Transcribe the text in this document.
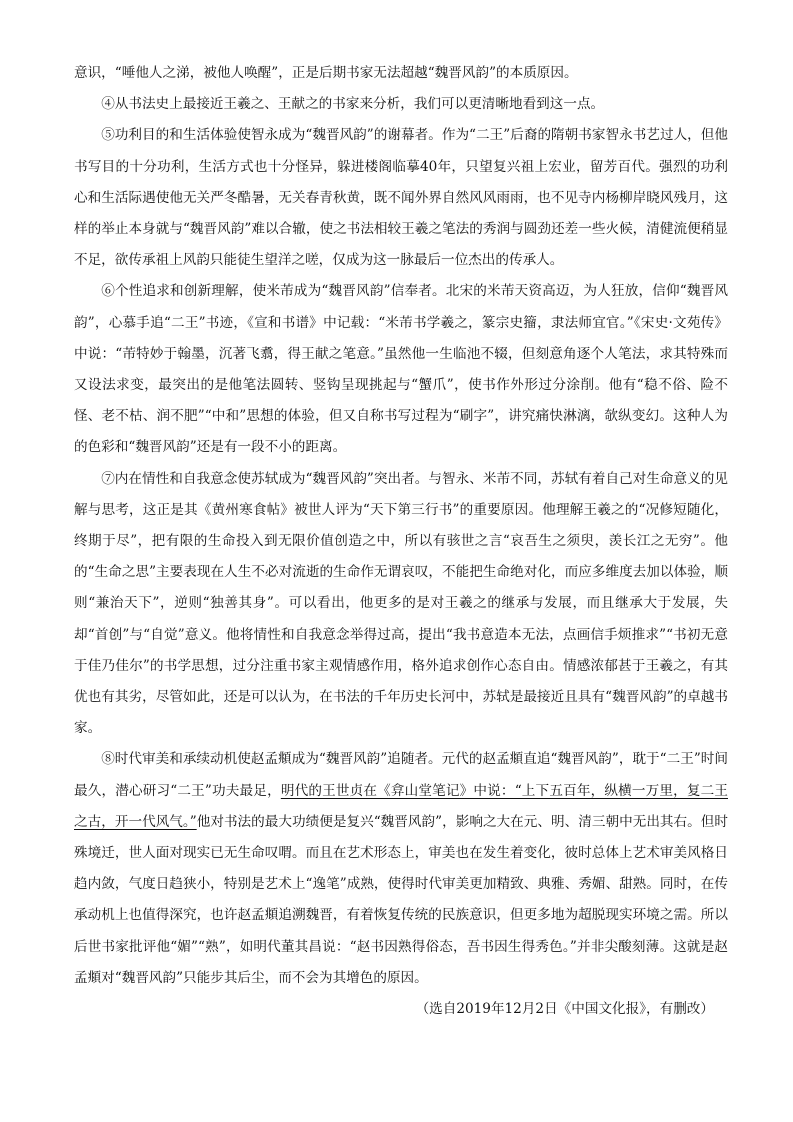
意识，“唾他人之涕，被他人唤醒”，正是后期书家无法超越“魏晋风韵”的本质原因。

④从书法史上最接近王羲之、王献之的书家来分析，我们可以更清晰地看到这一点。

⑤功利目的和生活体验使智永成为“魏晋风韵”的谢幕者。作为“二王”后裔的隋朝书家智永书艺过人，但他书写目的十分功利，生活方式也十分怪异，躲进楼阁临摹40年，只望复兴祖上宏业，留芳百代。强烈的功利心和生活际遇使他无关严冬酷暑，无关春青秋黄，既不闻外界自然风风雨雨，也不见寺内杨柳岸晓风残月，这样的举止本身就与“魏晋风韵”难以合辙，使之书法相较王羲之笔法的秀润与圆劲还差一些火候，清健流便稍显不足，欲传承祖上风韵只能徒生望洋之嗟，仅成为这一脉最后一位杰出的传承人。

⑥个性追求和创新理解，使米芾成为“魏晋风韵”信奉者。北宋的米芾天资高迈，为人狂放，信仰“魏晋风韵”，心慕手追“二王”书迹，《宣和书谱》中记载：“米芾书学羲之，篆宗史籀，隶法师宜官。”《宋史·文苑传》中说：“芾特妙于翰墨，沉著飞翥，得王献之笔意。”虽然他一生临池不辍，但刻意角逐个人笔法，求其特殊而又设法求变，最突出的是他笔法圆转、竖钩呈现挑起与“蟹爪”，使书作外形过分涂削。他有“稳不俗、险不怪、老不枯、润不肥”“中和”思想的体验，但又自称书写过程为“刷字”，讲究痛快淋漓，欹纵变幻。这种人为的色彩和“魏晋风韵”还是有一段不小的距离。

⑦内在情性和自我意念使苏轼成为“魏晋风韵”突出者。与智永、米芾不同，苏轼有着自己对生命意义的见解与思考，这正是其《黄州寒食帖》被世人评为“天下第三行书”的重要原因。他理解王羲之的“况修短随化，终期于尽”，把有限的生命投入到无限价值创造之中，所以有骇世之言“哀吾生之须臾，羡长江之无穷”。他的“生命之思”主要表现在人生不必对流逝的生命作无谓哀叹，不能把生命绝对化，而应多维度去加以体验，顺则“兼治天下”，逆则“独善其身”。可以看出，他更多的是对王羲之的继承与发展，而且继承大于发展，失却“首创”与“自觉”意义。他将情性和自我意念举得过高，提出“我书意造本无法，点画信手烦推求”“书初无意于佳乃佳尔”的书学思想，过分注重书家主观情感作用，格外追求创作心态自由。情感浓郁甚于王羲之，有其优也有其劣，尽管如此，还是可以认为，在书法的千年历史长河中，苏轼是最接近且具有“魏晋风韵”的卓越书家。

⑧时代审美和承续动机使赵孟頫成为“魏晋风韵”追随者。元代的赵孟頫直追“魏晋风韵”，耽于“二王”时间最久，潜心研习“二王”功夫最足，明代的王世贞在《弇山堂笔记》中说：“上下五百年，纵横一万里，复二王之古，开一代风气。”他对书法的最大功绩便是复兴“魏晋风韵”，影响之大在元、明、清三朝中无出其右。但时殊境迁，世人面对现实已无生命叹喟。而且在艺术形态上，审美也在发生着变化，彼时总体上艺术审美风格日趋内敛，气度日趋狭小，特别是艺术上“逸笔”成熟，使得时代审美更加精致、典雅、秀媚、甜熟。同时，在传承动机上也值得深究，也许赵孟頫追溯魏晋，有着恢复传统的民族意识，但更多地为超脱现实环境之需。所以后世书家批评他“媚”“熟”，如明代董其昌说：“赵书因熟得俗态，吾书因生得秀色。”并非尖酸刻薄。这就是赵孟頫对“魏晋风韵”只能步其后尘，而不会为其增色的原因。

（选自2019年12月2日《中国文化报》，有删改）
